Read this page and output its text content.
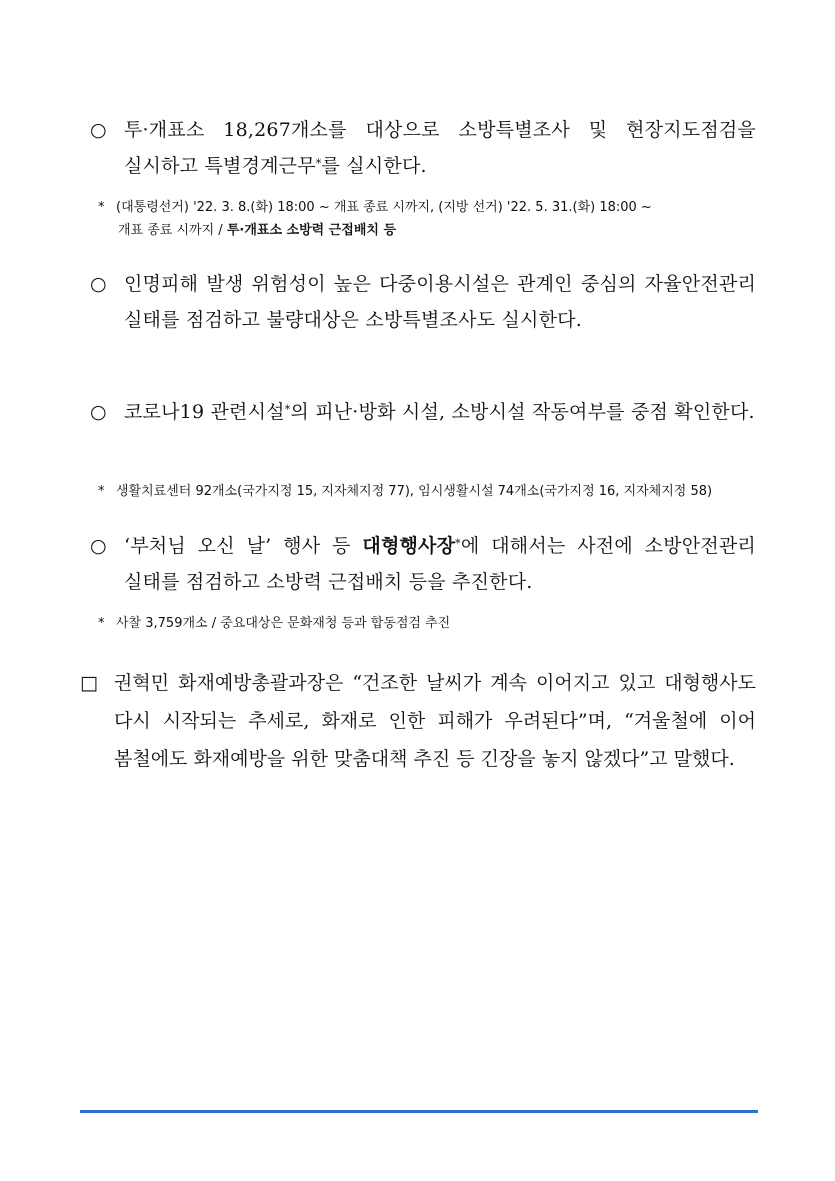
○ 투·개표소 18,267개소를 대상으로 소방특별조사 및 현장지도점검을 실시하고 특별경계근무*를 실시한다.
* (대통령선거) '22. 3. 8.(화) 18:00 ~ 개표 종료 시까지, (지방 선거) '22. 5. 31.(화) 18:00 ~
개표 종료 시까지 / 투·개표소 소방력 근접배치 등
○ 인명피해 발생 위험성이 높은 다중이용시설은 관계인 중심의 자율안전관리 실태를 점검하고 불량대상은 소방특별조사도 실시한다.
○ 코로나19 관련시설*의 피난·방화 시설, 소방시설 작동여부를 중점 확인한다.
* 생활치료센터 92개소(국가지정 15, 지자체지정 77), 임시생활시설 74개소(국가지정 16, 지자체지정 58)
○ ‘부처님 오신 날’ 행사 등 대형행사장*에 대해서는 사전에 소방안전관리 실태를 점검하고 소방력 근접배치 등을 추진한다.
* 사찰 3,759개소 / 중요대상은 문화재청 등과 합동점검 추진
□ 권혁민 화재예방총괄과장은 “건조한 날씨가 계속 이어지고 있고 대형행사도 다시 시작되는 추세로, 화재로 인한 피해가 우려된다”며, “겨울철에 이어 봄철에도 화재예방을 위한 맞춤대책 추진 등 긴장을 놓지 않겠다”고 말했다.
